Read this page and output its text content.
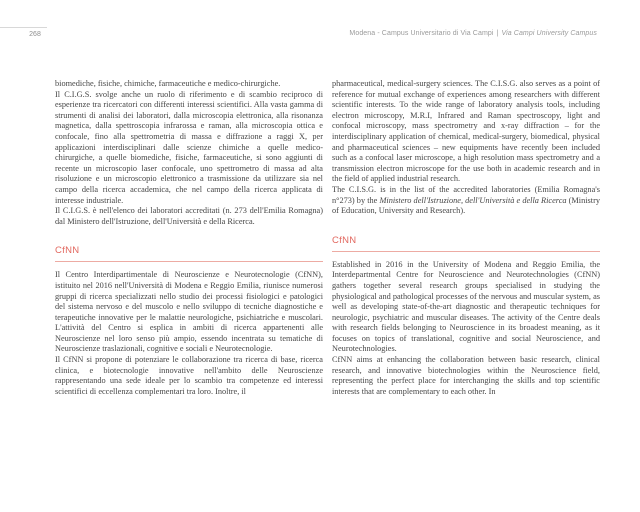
268	Modena - Campus Universitario di Via Campi | Via Campi University Campus

biomediche, fisiche, chimiche, farmaceutiche e medico-chirurgiche.

Il C.I.G.S. svolge anche un ruolo di riferimento e di scambio reciproco di esperienze tra ricercatori con differenti interessi scientifici. Alla vasta gamma di strumenti di analisi dei laboratori, dalla microscopia elettronica, alla risonanza magnetica, dalla spettroscopia infrarossa e raman, alla microscopia ottica e confocale, fino alla spettrometria di massa e diffrazione a raggi X, per applicazioni interdisciplinari dalle scienze chimiche a quelle medico-chirurgiche, a quelle biomediche, fisiche, farmaceutiche, si sono aggiunti di recente un microscopio laser confocale, uno spettrometro di massa ad alta risoluzione e un microscopio elettronico a trasmissione da utilizzare sia nel campo della ricerca accademica, che nel campo della ricerca applicata di interesse industriale.

Il C.I.G.S. è nell'elenco dei laboratori accreditati (n. 273 dell'Emilia Romagna) dal Ministero dell'Istruzione, dell'Università e della Ricerca.

CfNN

Il Centro Interdipartimentale di Neuroscienze e Neurotecnologie (CfNN), istituito nel 2016 nell'Università di Modena e Reggio Emilia, riunisce numerosi gruppi di ricerca specializzati nello studio dei processi fisiologici e patologici del sistema nervoso e del muscolo e nello sviluppo di tecniche diagnostiche e terapeutiche innovative per le malattie neurologiche, psichiatriche e muscolari. L'attività del Centro si esplica in ambiti di ricerca appartenenti alle Neuroscienze nel loro senso più ampio, essendo incentrata su tematiche di Neuroscienze traslazionali, cognitive e sociali e Neurotecnologie.

Il CfNN si propone di potenziare le collaborazione tra ricerca di base, ricerca clinica, e biotecnologie innovative nell'ambito delle Neuroscienze rappresentando una sede ideale per lo scambio tra competenze ed interessi scientifici di eccellenza complementari tra loro. Inoltre, il

pharmaceutical, medical-surgery sciences. The C.I.S.G. also serves as a point of reference for mutual exchange of experiences among researchers with different scientific interests. To the wide range of laboratory analysis tools, including electron microscopy, M.R.I, Infrared and Raman spectroscopy, light and confocal microscopy, mass spectrometry and x-ray diffraction – for the interdisciplinary application of chemical, medical-surgery, biomedical, physical and pharmaceutical sciences – new equipments have recently been included such as a confocal laser microscope, a high resolution mass spectrometry and a transmission electron microscope for the use both in academic research and in the field of applied industrial research.

The C.I.S.G. is in the list of the accredited laboratories (Emilia Romagna's n°273) by the Ministero dell'Istruzione, dell'Università e della Ricerca (Ministry of Education, University and Research).

CfNN

Established in 2016 in the University of Modena and Reggio Emilia, the Interdepartmental Centre for Neuroscience and Neurotechnologies (CfNN) gathers together several research groups specialised in studying the physiological and pathological processes of the nervous and muscular system, as well as developing state-of-the-art diagnostic and therapeutic techniques for neurologic, psychiatric and muscular diseases. The activity of the Centre deals with research fields belonging to Neuroscience in its broadest meaning, as it focuses on topics of translational, cognitive and social Neuroscience, and Neurotechnologies.

CfNN aims at enhancing the collaboration between basic research, clinical research, and innovative biotechnologies within the Neuroscience field, representing the perfect place for interchanging the skills and top scientific interests that are complementary to each other. In
